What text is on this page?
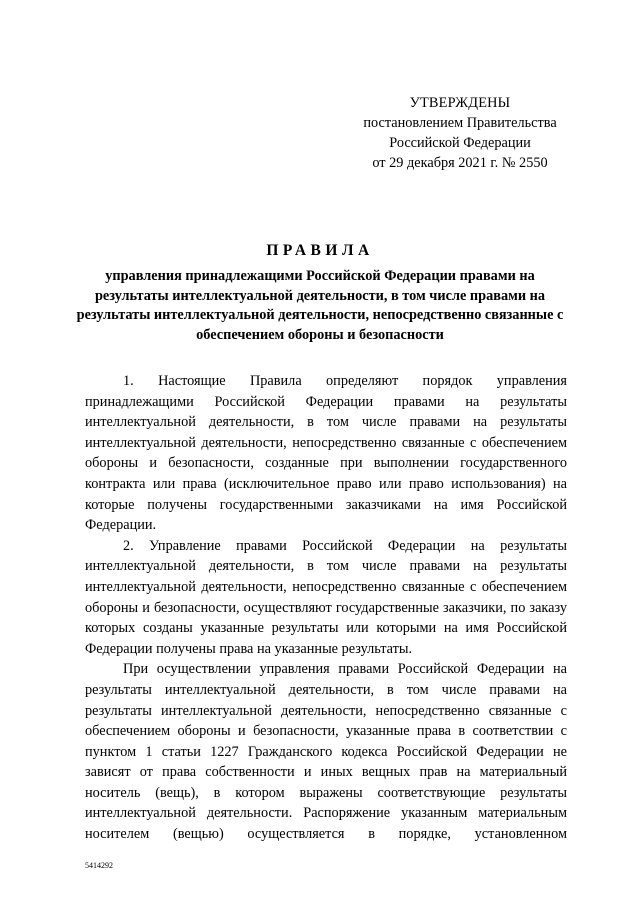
УТВЕРЖДЕНЫ
постановлением Правительства
Российской Федерации
от 29 декабря 2021 г. № 2550
ПРАВИЛА
управления принадлежащими Российской Федерации правами на результаты интеллектуальной деятельности, в том числе правами на результаты интеллектуальной деятельности, непосредственно связанные с обеспечением обороны и безопасности

1. Настоящие Правила определяют порядок управления принадлежащими Российской Федерации правами на результаты интеллектуальной деятельности, в том числе правами на результаты интеллектуальной деятельности, непосредственно связанные с обеспечением обороны и безопасности, созданные при выполнении государственного контракта или права (исключительное право или право использования) на которые получены государственными заказчиками на имя Российской Федерации.

2. Управление правами Российской Федерации на результаты интеллектуальной деятельности, в том числе правами на результаты интеллектуальной деятельности, непосредственно связанные с обеспечением обороны и безопасности, осуществляют государственные заказчики, по заказу которых созданы указанные результаты или которыми на имя Российской Федерации получены права на указанные результаты.

При осуществлении управления правами Российской Федерации на результаты интеллектуальной деятельности, в том числе правами на результаты интеллектуальной деятельности, непосредственно связанные с обеспечением обороны и безопасности, указанные права в соответствии с пунктом 1 статьи 1227 Гражданского кодекса Российской Федерации не зависят от права собственности и иных вещных прав на материальный носитель (вещь), в котором выражены соответствующие результаты интеллектуальной деятельности. Распоряжение указанным материальным носителем (вещью) осуществляется в порядке, установленном

5414292
